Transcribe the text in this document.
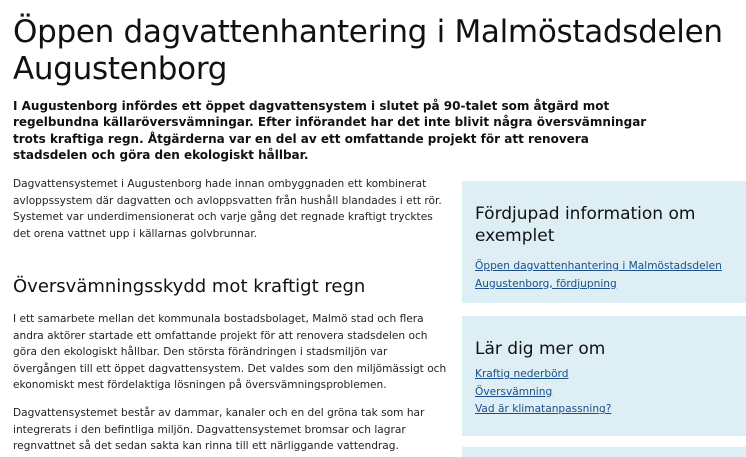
Öppen dagvattenhantering i Malmöstadsdelen Augustenborg

I Augustenborg infördes ett öppet dagvattensystem i slutet på 90-talet som åtgärd mot regelbundna källaröversvämningar. Efter införandet har det inte blivit några översvämningar trots kraftiga regn. Åtgärderna var en del av ett omfattande projekt för att renovera stadsdelen och göra den ekologiskt hållbar.

Dagvattensystemet i Augustenborg hade innan ombyggnaden ett kombinerat avloppssystem där dagvatten och avloppsvatten från hushåll blandades i ett rör. Systemet var underdimensionerat och varje gång det regnade kraftigt trycktes det orena vattnet upp i källarnas golvbrunnar.

Översvämningsskydd mot kraftigt regn

I ett samarbete mellan det kommunala bostadsbolaget, Malmö stad och flera andra aktörer startade ett omfattande projekt för att renovera stadsdelen och göra den ekologiskt hållbar. Den största förändringen i stadsmiljön var övergången till ett öppet dagvattensystem. Det valdes som den miljömässigt och ekonomiskt mest fördelaktiga lösningen på översvämningsproblemen.

Dagvattensystemet består av dammar, kanaler och en del gröna tak som har integrerats i den befintliga miljön. Dagvattensystemet bromsar och lagrar regnvattnet så det sedan sakta kan rinna till ett närliggande vattendrag.

Fördjupad information om exemplet
Öppen dagvattenhantering i Malmöstadsdelen Augustenborg, fördjupning
Lär dig mer om
Kraftig nederbörd
Översvämning
Vad är klimatanpassning?
